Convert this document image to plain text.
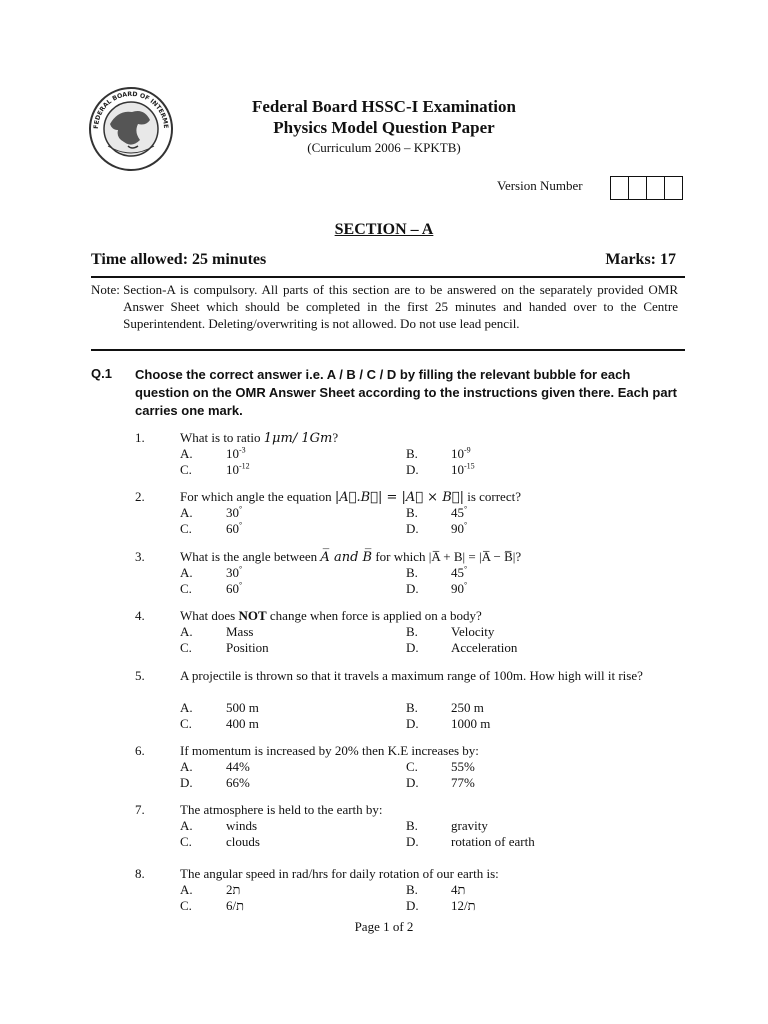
FEDERAL BOARD OF INTERME
Federal Board HSSC-I Examination
Physics Model Question Paper
(Curriculum 2006 – KPKTB)
Version Number
SECTION – A
Time allowed: 25 minutes	Marks: 17
Note: Section-A is compulsory. All parts of this section are to be answered on the separately provided OMR Answer Sheet which should be completed in the first 25 minutes and handed over to the Centre Superintendent. Deleting/overwriting is not allowed. Do not use lead pencil.
Q.1 Choose the correct answer i.e. A / B / C / D by filling the relevant bubble for each question on the OMR Answer Sheet according to the instructions given there. Each part carries one mark.
1.	What is to ratio 1μm/ 1Gm?
A.	$10^{-3}$	B.	$10^{-9}$
C.	$10^{-12}$	D. $10^{-15}$
2.	For which angle the equation |A⃗.B⃗| = |A⃗ × B⃗| is correct?
A.	30°	B.	45°
C.	60°	D. 90°
3.	What is the angle between A̅ and B̅ for which |A̅ + B| = |A̅ − B̅|?
A.	30°	B.	45°
C.	60°	D. 90°
4.	What does NOT change when force is applied on a body?
A.	Mass	B.	Velocity
C.	Position	D. Acceleration
5.	A projectile is thrown so that it travels a maximum range of 100m. How high will it rise?
A.	500 m	B.	250 m
C.	400 m	D. 1000 m
6.	If momentum is increased by 20% then K.E increases by:
A.	44%	C.	55%
D.	66%	D. 77%
7.	The atmosphere is held to the earth by:
A.	winds	B.	gravity
C.	clouds	D. rotation of earth
8.	The angular speed in rad/hrs for daily rotation of our earth is:
A.	2ת	B.	4ת
C.	ת/6	D. ת/12
Page 1 of 2
